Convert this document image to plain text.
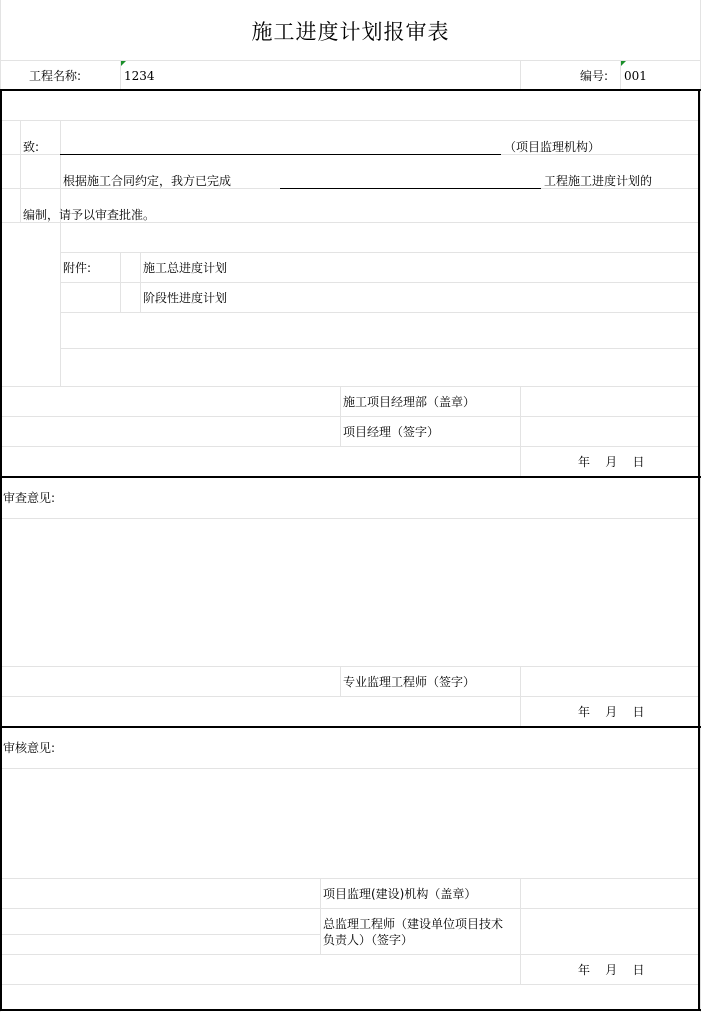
施工进度计划报审表
工程名称:	1234	编号: 001
致:	（项目监理机构）
根据施工合同约定，我方已完成	工程施工进度计划的
编制，请予以审查批准。
附件:	施工总进度计划
阶段性进度计划
施工项目经理部（盖章）
项目经理（签字）
年    月    日
审查意见:
专业监理工程师（签字）
年    月    日
审核意见:
项目监理(建设)机构（盖章）
总监理工程师（建设单位项目技术
负责人）（签字）
年    月    日
